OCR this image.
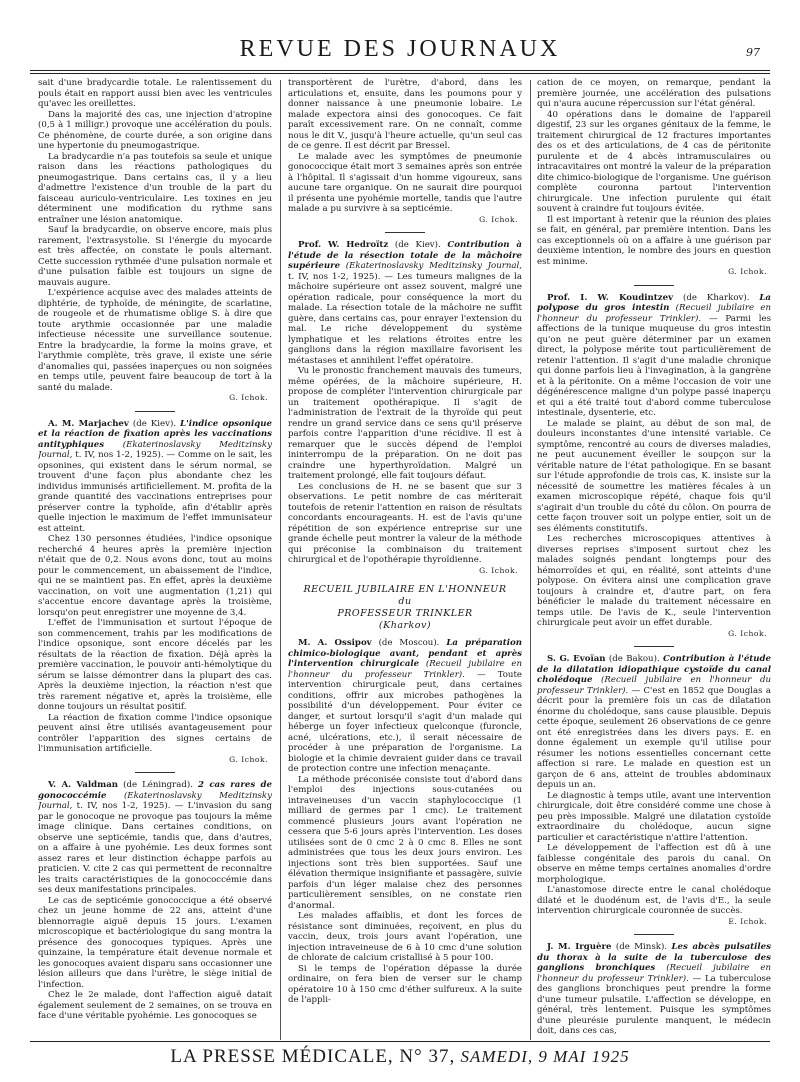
REVUE DES JOURNAUX	97

sait d'une bradycardie totale. Le ralentissement du pouls était en rapport aussi bien avec les ventricules qu'avec les oreillettes.

Dans la majorité des cas, une injection d'atropine (0,5 à 1 milligr.) provoque une accélération du pouls. Ce phénomène, de courte durée, a son origine dans une hypertonie du pneumogastrique.

La bradycardie n'a pas toutefois sa seule et unique raison dans les réactions pathologiques du pneumogastrique. Dans certains cas, il y a lieu d'admettre l'existence d'un trouble de la part du faisceau auriculo-ventriculaire. Les toxines en jeu déterminent une modification du rythme sans entraîner une lésion anatomique.

Sauf la bradycardie, on observe encore, mais plus rarement, l'extrasystolie. Si l'énergie du myocarde est très affectée, on constate le pouls alternant. Cette succession rythmée d'une pulsation normale et d'une pulsation faible est toujours un signe de mauvais augure.

L'expérience acquise avec des malades atteints de diphtérie, de typhoïde, de méningite, de scarlatine, de rougeole et de rhumatisme oblige S. à dire que toute arythmie occasionnée par une maladie infectieuse nécessite une surveillance soutenue. Entre la bradycardie, la forme la moins grave, et l'arythmie complète, très grave, il existe une série d'anomalies qui, passées inaperçues ou non soignées en temps utile, peuvent faire beaucoup de tort à la santé du malade.

G. Ichok.

A. M. Marjachev (de Kiev). L'indice opsonique et la réaction de fixation après les vaccinations antityphiques (Ekaterinoslavsky Meditzinsky Journal, t. IV, nos 1-2, 1925). — Comme on le sait, les opsonines, qui existent dans le sérum normal, se trouvent d'une façon plus abondante chez les individus immunisés artificiellement. M. profita de la grande quantité des vaccinations entreprises pour préserver contre la typhoïde, afin d'établir après quelle injection le maximum de l'effet immunisateur est atteint.

Chez 130 personnes étudiées, l'indice opsonique recherché 4 heures après la première injection n'était que de 0,2. Nous avons donc, tout au moins pour le commencement, un abaissement de l'indice, qui ne se maintient pas. En effet, après la deuxième vaccination, on voit une augmentation (1,21) qui s'accentue encore davantage après la troisième, lorsqu'on peut enregistrer une moyenne de 3,4.

L'effet de l'immunisation et surtout l'époque de son commencement, trahis par les modifications de l'indice opsonique, sont encore décelés par les résultats de la réaction de fixation. Déjà après la première vaccination, le pouvoir anti-hémolytique du sérum se laisse démontrer dans la plupart des cas. Après la deuxième injection, la réaction n'est que très rarement négative et, après la troisième, elle donne toujours un résultat positif.

La réaction de fixation comme l'indice opsonique peuvent ainsi être utilisés avantageusement pour contrôler l'apparition des signes certains de l'immunisation artificielle.

G. Ichok.

V. A. Valdman (de Léningrad). 2 cas rares de gonococcémie (Ekaterinoslavsky Meditzinsky Journal, t. IV, nos 1-2, 1925). — L'invasion du sang par le gonocoque ne provoque pas toujours la même image clinique. Dans certaines conditions, on observe une septicémie, tandis que, dans d'autres, on a affaire à une pyohémie. Les deux formes sont assez rares et leur distinction échappe parfois au praticien. V. cite 2 cas qui permettent de reconnaître les traits caractéristiques de la gonococcémie dans ses deux manifestations principales.

Le cas de septicémie gonococcique a été observé chez un jeune homme de 22 ans, atteint d'une blennorragie aiguë depuis 15 jours. L'examen microscopique et bactériologique du sang montra la présence des gonocoques typiques. Après une quinzaine, la température était devenue normale et les gonocoques avaient disparu sans occasionner une lésion ailleurs que dans l'urètre, le siège initial de l'infection.

Chez le 2e malade, dont l'affection aiguë datait également seulement de 2 semaines, on se trouva en face d'une véritable pyohémie. Les gonocoques se

transportèrent de l'urètre, d'abord, dans les articulations et, ensuite, dans les poumons pour y donner naissance à une pneumonie lobaire. Le malade expectora ainsi des gonocoques. Ce fait paraît excessivement rare. On ne connaît, comme nous le dit V., jusqu'à l'heure actuelle, qu'un seul cas de ce genre. Il est décrit par Bressel.

Le malade avec les symptômes de pneumonie gonococcique était mort 3 semaines après son entrée à l'hôpital. Il s'agissait d'un homme vigoureux, sans aucune tare organique. On ne saurait dire pourquoi il présenta une pyohémie mortelle, tandis que l'autre malade a pu survivre à sa septicémie.

G. Ichok.

Prof. W. Hedroïtz (de Kiev). Contribution à l'étude de la résection totale de la mâchoire supérieure (Ekaterinoslavsky Meditzinsky Journal, t. IV, nos 1-2, 1925). — Les tumeurs malignes de la mâchoire supérieure ont assez souvent, malgré une opération radicale, pour conséquence la mort du malade. La résection totale de la mâchoire ne suffit guère, dans certains cas, pour enrayer l'extension du mal. Le riche développement du système lymphatique et les relations étroites entre les ganglions dans la région maxillaire favorisent les métastases et annihilent l'effet opératoire.

Vu le pronostic franchement mauvais des tumeurs, même opérées, de la mâchoire supérieure, H. propose de compléter l'intervention chirurgicale par un traitement opothérapique. Il s'agit de l'administration de l'extrait de la thyroïde qui peut rendre un grand service dans ce sens qu'il préserve parfois contre l'apparition d'une récidive. Il est à remarquer que le succès dépend de l'emploi ininterrompu de la préparation. On ne doit pas craindre une hyperthyroïdation. Malgré un traitement prolongé, elle fait toujours défaut.

Les conclusions de H. ne se basent que sur 3 observations. Le petit nombre de cas mériterait toutefois de retenir l'attention en raison de résultats concordants encourageants. H. est de l'avis qu'une répétition de son expérience entreprise sur une grande échelle peut montrer la valeur de la méthode qui préconise la combinaison du traitement chirurgical et de l'opothérapie thyroïdienne.

G. Ichok.
RECUEIL JUBILAIRE EN L'HONNEUR
du
PROFESSEUR TRINKLER
(Kharkov)

M. A. Ossipov (de Moscou). La préparation chimico-biologique avant, pendant et après l'intervention chirurgicale (Recueil jubilaire en l'honneur du professeur Trinkler). — Toute intervention chirurgicale peut, dans certaines conditions, offrir aux microbes pathogènes la possibilité d'un développement. Pour éviter ce danger, et surtout lorsqu'il s'agit d'un malade qui héberge un foyer infectieux quelconque (furoncle, acné, ulcérations, etc.), il serait nécessaire de procéder à une préparation de l'organisme. La biologie et la chimie devraient guider dans ce travail de protection contre une infection menaçante.

La méthode préconisée consiste tout d'abord dans l'emploi des injections sous-cutanées ou intraveineuses d'un vaccin staphylococcique (1 milliard de germes par 1 cmc). Le traitement commencé plusieurs jours avant l'opération ne cessera que 5-6 jours après l'intervention. Les doses utilisées sont de 0 cmc 2 à 0 cmc 8. Elles ne sont administrées que tous les deux jours environ. Les injections sont très bien supportées. Sauf une élévation thermique insignifiante et passagère, suivie parfois d'un léger malaise chez des personnes particulièrement sensibles, on ne constate rien d'anormal.

Les malades affaiblis, et dont les forces de résistance sont diminuées, reçoivent, en plus du vaccin, deux, trois jours avant l'opération, une injection intraveineuse de 6 à 10 cmc d'une solution de chlorate de calcium cristallisé à 5 pour 100.

Si le temps de l'opération dépasse la durée ordinaire, on fera bien de verser sur le champ opératoire 10 à 150 cmc d'éther sulfureux. A la suite de l'appli-

cation de ce moyen, on remarque, pendant la première journée, une accélération des pulsations qui n'aura aucune répercussion sur l'état général.

40 opérations dans le domaine de l'appareil digestif, 23 sur les organes génitaux de la femme, le traitement chirurgical de 12 fractures importantes des os et des articulations, de 4 cas de péritonite purulente et de 4 abcès intramusculaires ou intracavitaires ont montré la valeur de la préparation dite chimico-biologique de l'organisme. Une guérison complète couronna partout l'intervention chirurgicale. Une infection purulente qui était souvent à craindre fut toujours évitée.

Il est important à retenir que la réunion des plaies se fait, en général, par première intention. Dans les cas exceptionnels où on a affaire à une guérison par deuxième intention, le nombre des jours en question est minime.

G. Ichok.

Prof. I. W. Koudintzev (de Kharkov). La polypose du gros intestin (Recueil jubilaire en l'honneur du professeur Trinkler). — Parmi les affections de la tunique muqueuse du gros intestin qu'on ne peut guère déterminer par un examen direct, la polypose mérite tout particulièrement de retenir l'attention. Il s'agit d'une maladie chronique qui donne parfois lieu à l'invagination, à la gangrène et à la péritonite. On a même l'occasion de voir une dégénérescence maligne d'un polype passé inaperçu et qui a été traité tout d'abord comme tuberculose intestinale, dysenterie, etc.

Le malade se plaint, au début de son mal, de douleurs inconstantes d'une intensité variable. Ce symptôme, rencontré au cours de diverses maladies, ne peut aucunement éveiller le soupçon sur la véritable nature de l'état pathologique. En se basant sur l'étude approfondie de trois cas, K. insiste sur la nécessité de soumettre les matières fécales à un examen microscopique répété, chaque fois qu'il s'agirait d'un trouble du côté du côlon. On pourra de cette façon trouver soit un polype entier, soit un de ses éléments constitutifs.

Les recherches microscopiques attentives à diverses reprises s'imposent surtout chez les malades soignés pendant longtemps pour des hémorroïdes et qui, en réalité, sont atteints d'une polypose. On évitera ainsi une complication grave toujours à craindre et, d'autre part, on fera bénéficier le malade du traitement nécessaire en temps utile. De l'avis de K., seule l'intervention chirurgicale peut avoir un effet durable.

G. Ichok.

S. G. Evoïan (de Bakou). Contribution à l'étude de la dilatation idiopathique cystoïde du canal cholédoque (Recueil jubilaire en l'honneur du professeur Trinkler). — C'est en 1852 que Douglas a décrit pour la première fois un cas de dilatation énorme du cholédoque, sans cause plausible. Depuis cette époque, seulement 26 observations de ce genre ont été enregistrées dans les divers pays. E. en donne également un exemple qu'il utilise pour résumer les notions essentielles concernant cette affection si rare. Le malade en question est un garçon de 6 ans, atteint de troubles abdominaux depuis un an.

Le diagnostic à temps utile, avant une intervention chirurgicale, doit être considéré comme une chose à peu près impossible. Malgré une dilatation cystoïde extraordinaire du cholédoque, aucun signe particulier et caractéristique n'attire l'attention.

Le développement de l'affection est dû à une faiblesse congénitale des parois du canal. On observe en même temps certaines anomalies d'ordre morphologique.

L'anastomose directe entre le canal cholédoque dilaté et le duodénum est, de l'avis d'E., la seule intervention chirurgicale couronnée de succès.

E. Ichok.

J. M. Irguère (de Minsk). Les abcès pulsatiles du thorax à la suite de la tuberculose des ganglions bronchiques (Recueil jubilaire en l'honneur du professeur Trinkler). — La tuberculose des ganglions bronchiques peut prendre la forme d'une tumeur pulsatile. L'affection se développe, en général, très lentement. Puisque les symptômes d'une pleurésie purulente manquent, le médecin doit, dans ces cas,

LA PRESSE MÉDICALE, N° 37, SAMEDI, 9 MAI 1925
